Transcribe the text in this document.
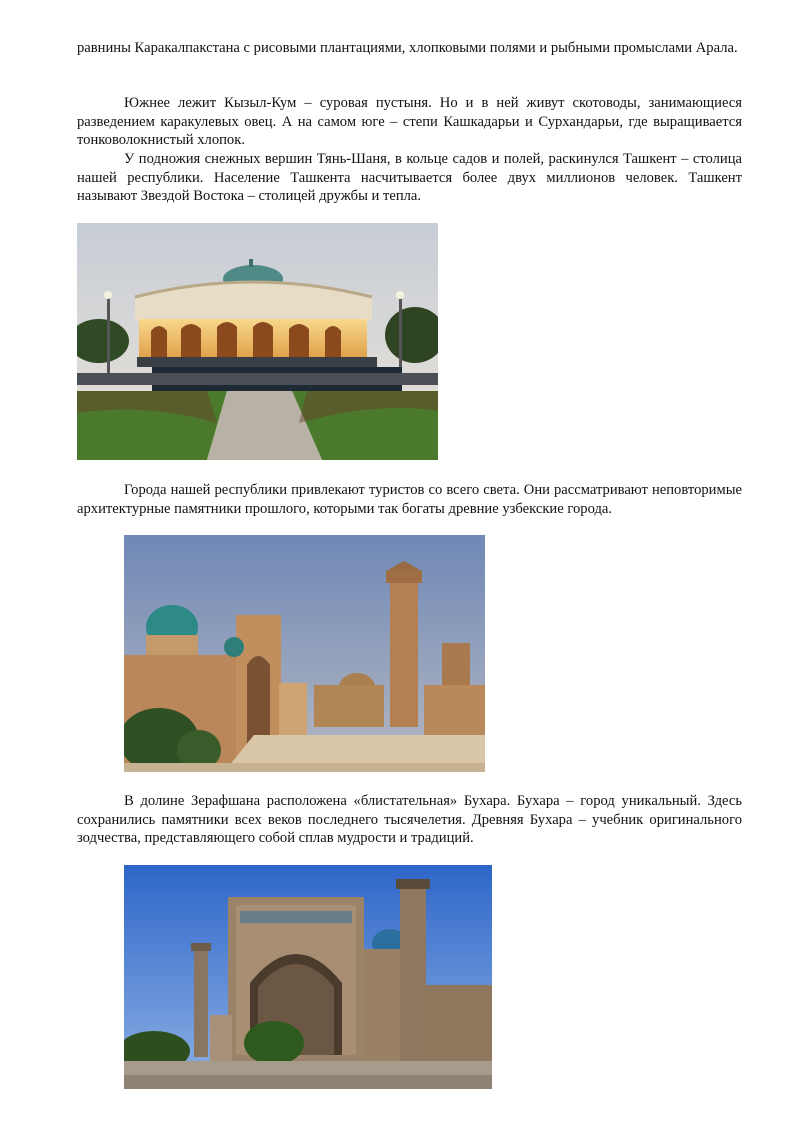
равнины Каракалпакстана с рисовыми плантациями, хлопковыми полями и рыбными промыслами Арала.

Южнее лежит Кызыл-Кум – суровая пустыня. Но и в ней живут скотоводы, занимающиеся разведением каракулевых овец. А на самом юге – степи Кашкадарьи и Сурхандарьи, где выращивается тонковолокнистый хлопок.

У подножия снежных вершин Тянь-Шаня, в кольце садов и полей, раскинулся Ташкент – столица нашей республики. Население Ташкента насчитывается более двух миллионов человек. Ташкент называют Звездой Востока – столицей дружбы и тепла.

Города нашей республики привлекают туристов со всего света. Они рассматривают неповторимые архитектурные памятники прошлого, которыми так богаты древние узбекские города.

В долине Зерафшана расположена «блистательная» Бухара. Бухара – город уникальный. Здесь сохранились памятники всех веков последнего тысячелетия. Древняя Бухара – учебник оригинального зодчества, представляющего собой сплав мудрости и традиций.
